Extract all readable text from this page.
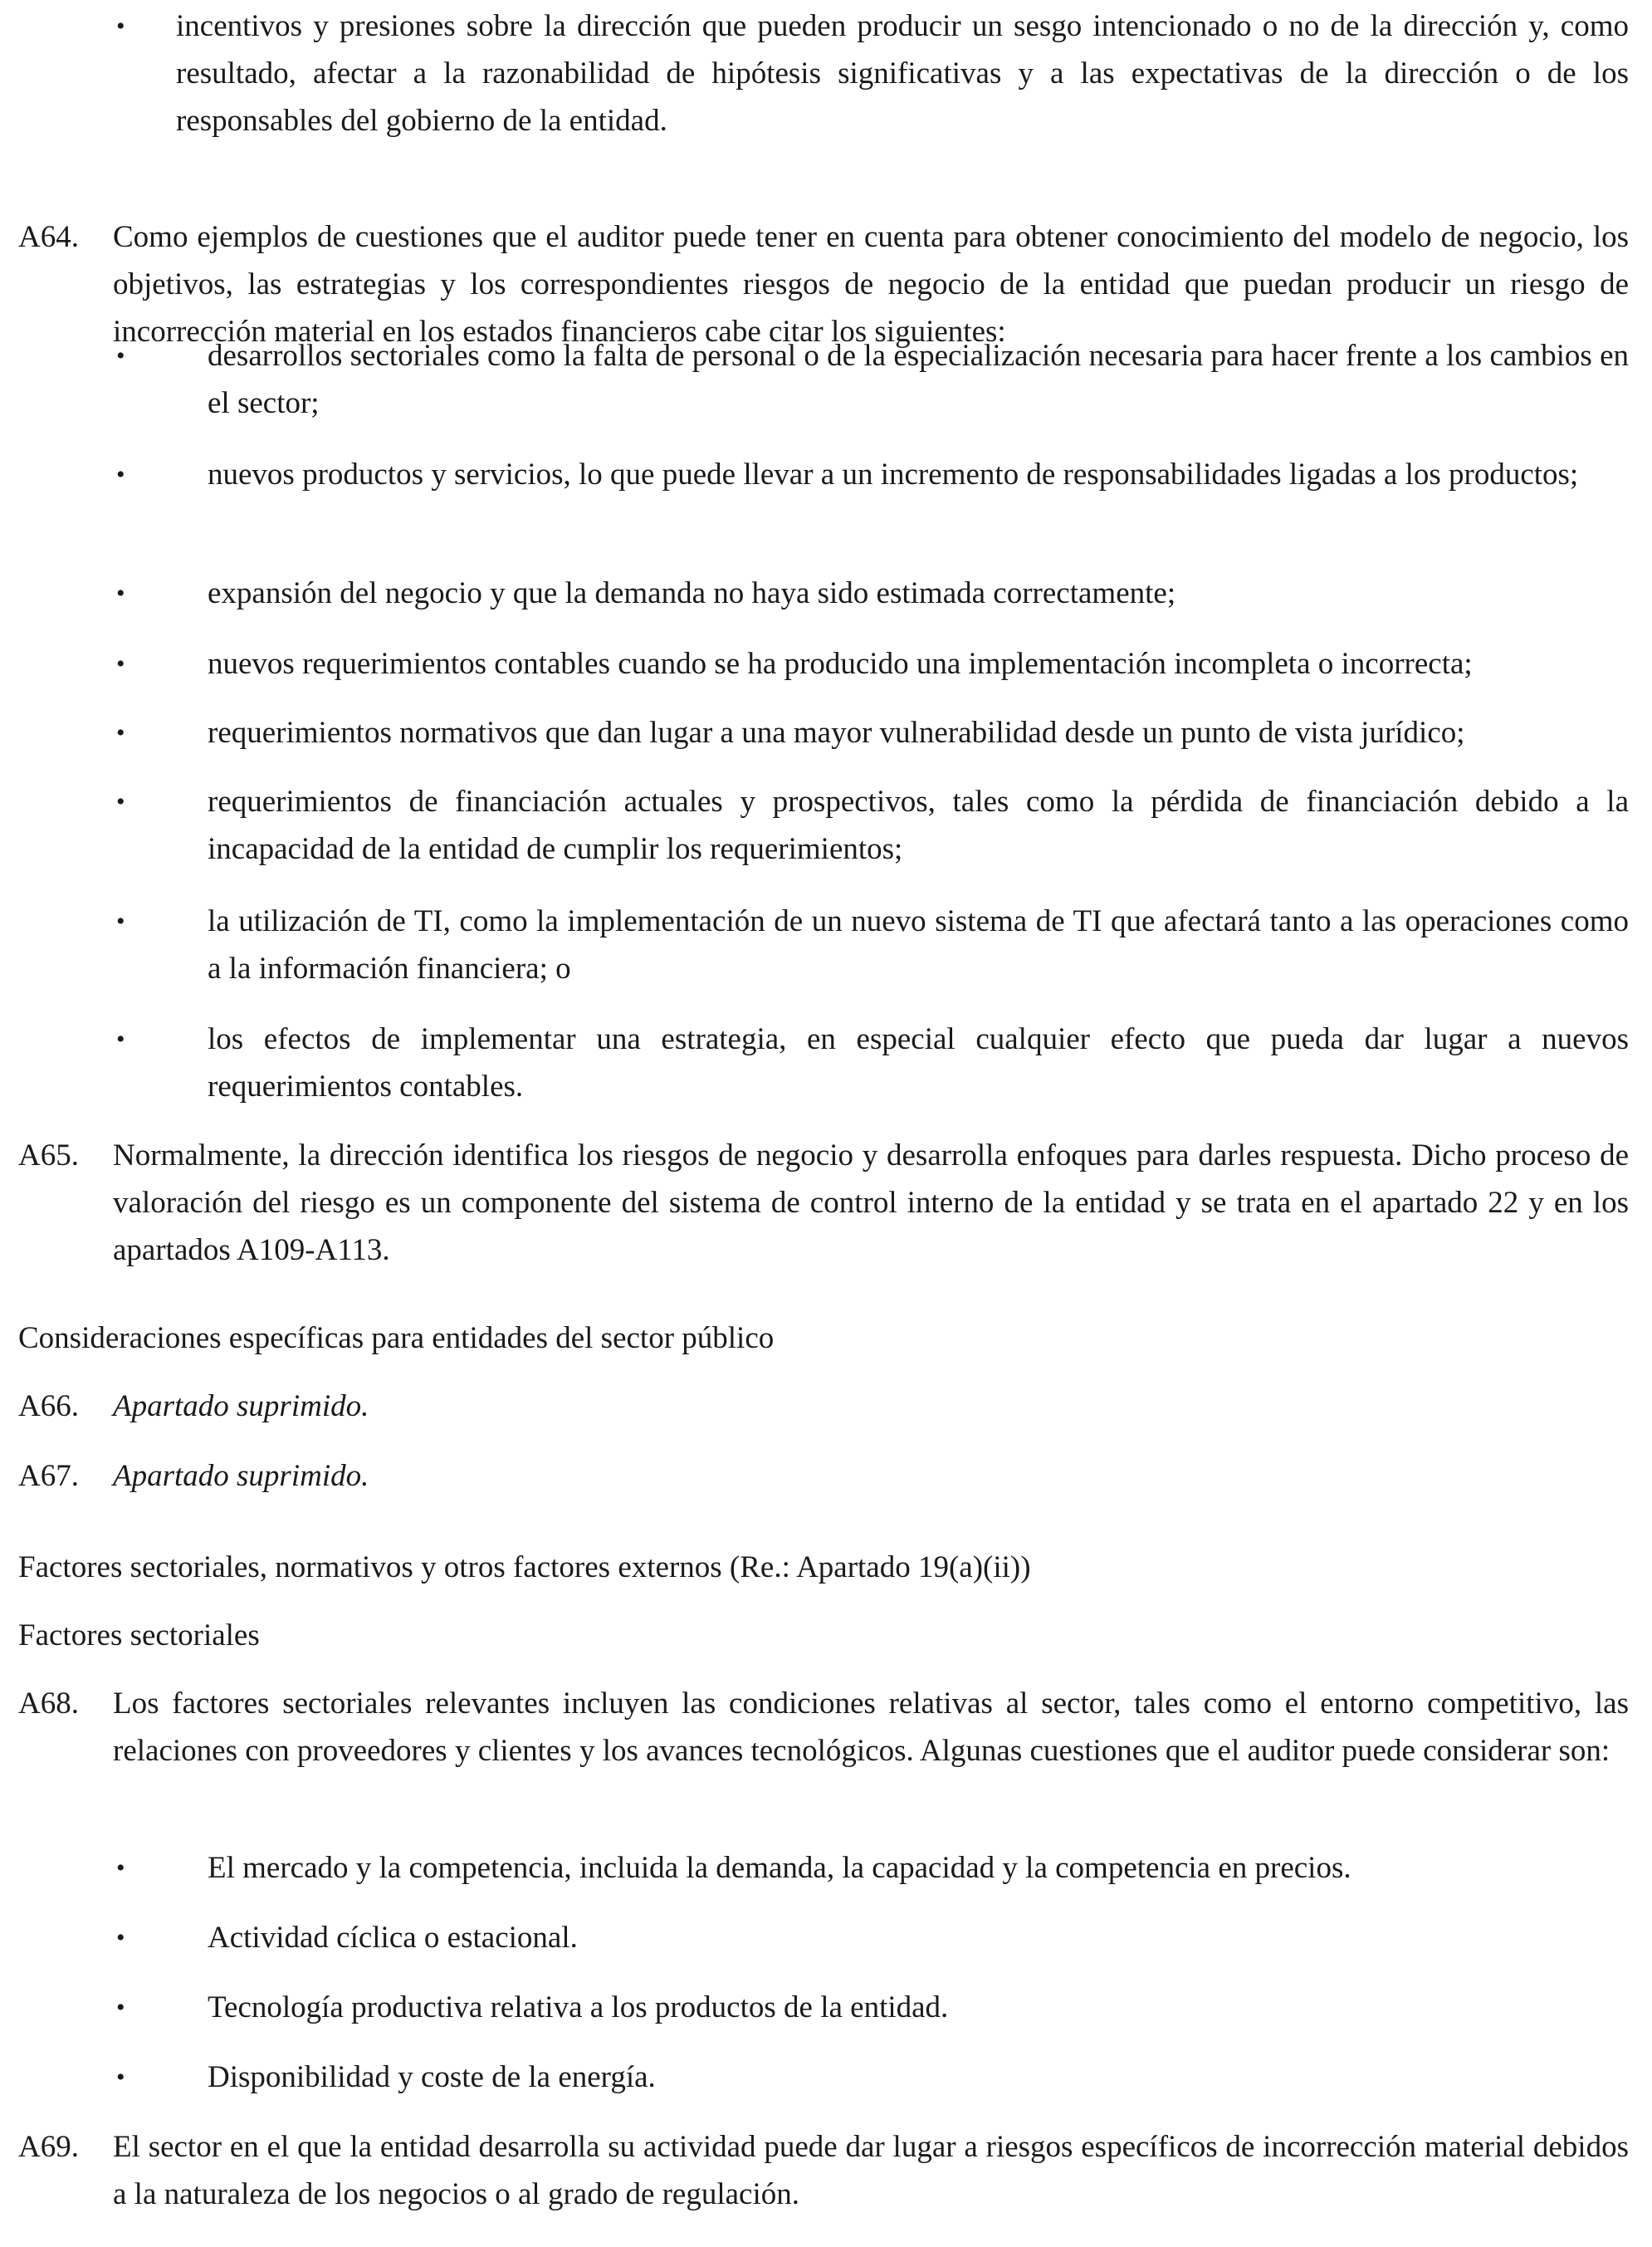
• incentivos y presiones sobre la dirección que pueden producir un sesgo intencionado o no de la dirección y, como resultado, afectar a la razonabilidad de hipótesis significativas y a las expectativas de la dirección o de los responsables del gobierno de la entidad.
A64. Como ejemplos de cuestiones que el auditor puede tener en cuenta para obtener conocimiento del modelo de negocio, los objetivos, las estrategias y los correspondientes riesgos de negocio de la entidad que puedan producir un riesgo de incorrección material en los estados financieros cabe citar los siguientes:
•	desarrollos sectoriales como la falta de personal o de la especialización necesaria para hacer frente a los cambios en el sector;
•	nuevos productos y servicios, lo que puede llevar a un incremento de responsabilidades ligadas a los productos;
•	expansión del negocio y que la demanda no haya sido estimada correctamente;
•	nuevos requerimientos contables cuando se ha producido una implementación incompleta o incorrecta;
•	requerimientos normativos que dan lugar a una mayor vulnerabilidad desde un punto de vista jurídico;
•	requerimientos de financiación actuales y prospectivos, tales como la pérdida de financiación debido a la incapacidad de la entidad de cumplir los requerimientos;
•	la utilización de TI, como la implementación de un nuevo sistema de TI que afectará tanto a las operaciones como a la información financiera; o
•	los efectos de implementar una estrategia, en especial cualquier efecto que pueda dar lugar a nuevos requerimientos contables.
A65. Normalmente, la dirección identifica los riesgos de negocio y desarrolla enfoques para darles respuesta. Dicho proceso de valoración del riesgo es un componente del sistema de control interno de la entidad y se trata en el apartado 22 y en los apartados A109-A113.
Consideraciones específicas para entidades del sector público
A66. Apartado suprimido.
A67. Apartado suprimido.
Factores sectoriales, normativos y otros factores externos (Re.: Apartado 19(a)(ii))
Factores sectoriales
A68. Los factores sectoriales relevantes incluyen las condiciones relativas al sector, tales como el entorno competitivo, las relaciones con proveedores y clientes y los avances tecnológicos. Algunas cuestiones que el auditor puede considerar son:
•	El mercado y la competencia, incluida la demanda, la capacidad y la competencia en precios.
•	Actividad cíclica o estacional.
•	Tecnología productiva relativa a los productos de la entidad.
•	Disponibilidad y coste de la energía.
A69. El sector en el que la entidad desarrolla su actividad puede dar lugar a riesgos específicos de incorrección material debidos a la naturaleza de los negocios o al grado de regulación.
